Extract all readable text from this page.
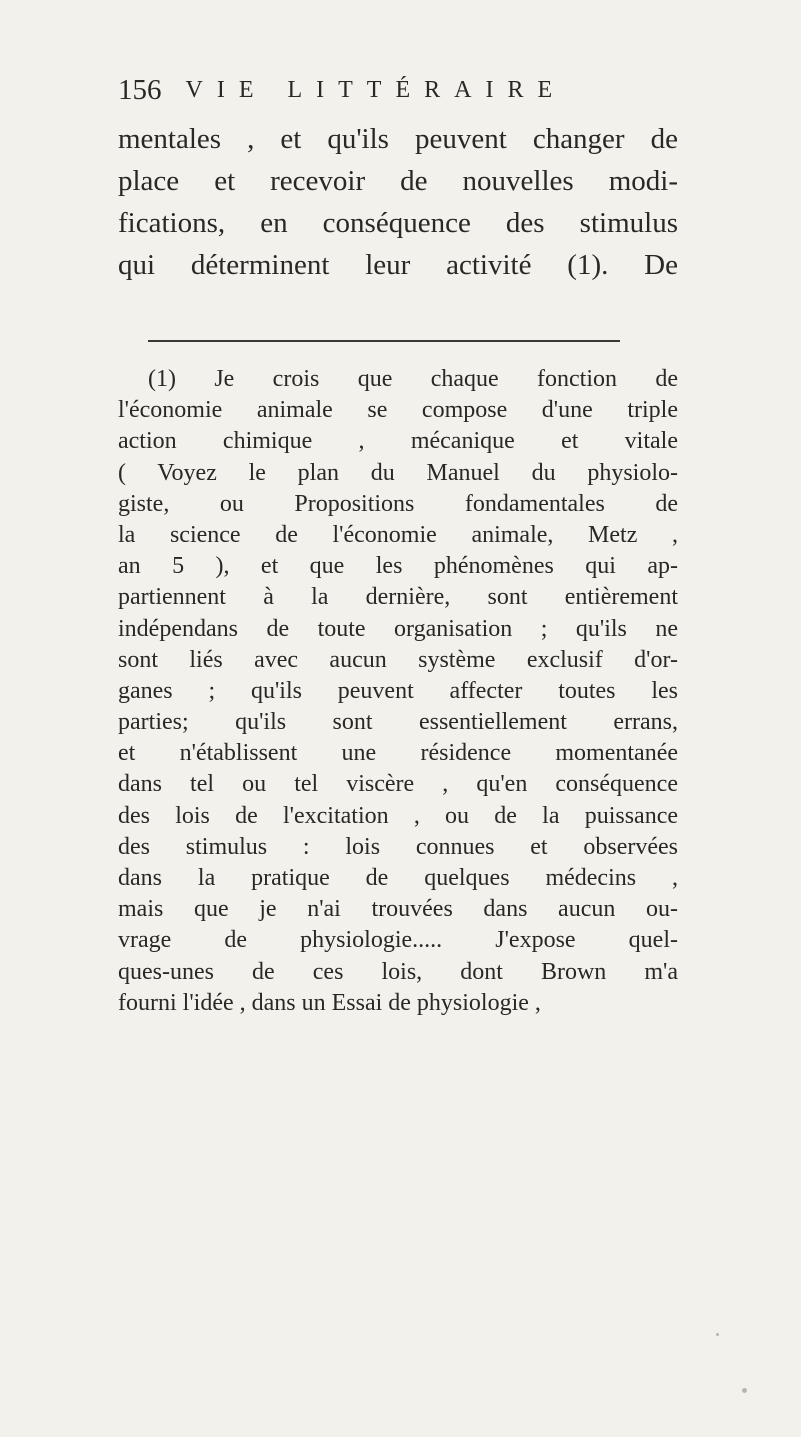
156 VIE LITTÉRAIRE
mentales , et qu'ils peuvent changer de
place et recevoir de nouvelles modi-
fications, en conséquence des stimulus
qui déterminent leur activité (1). De
(1) Je crois que chaque fonction de
l'économie animale se compose d'une triple
action chimique , mécanique et vitale
( Voyez le plan du Manuel du physiolo-
giste, ou Propositions fondamentales de
la science de l'économie animale, Metz ,
an 5 ), et que les phénomènes qui ap-
partiennent à la dernière, sont entièrement
indépendans de toute organisation ; qu'ils ne
sont liés avec aucun système exclusif d'or-
ganes ; qu'ils peuvent affecter toutes les
parties; qu'ils sont essentiellement errans,
et n'établissent une résidence momentanée
dans tel ou tel viscère , qu'en conséquence
des lois de l'excitation , ou de la puissance
des stimulus : lois connues et observées
dans la pratique de quelques médecins ,
mais que je n'ai trouvées dans aucun ou-
vrage de physiologie..... J'expose quel-
ques-unes de ces lois, dont Brown m'a
fourni l'idée , dans un Essai de physiologie ,
